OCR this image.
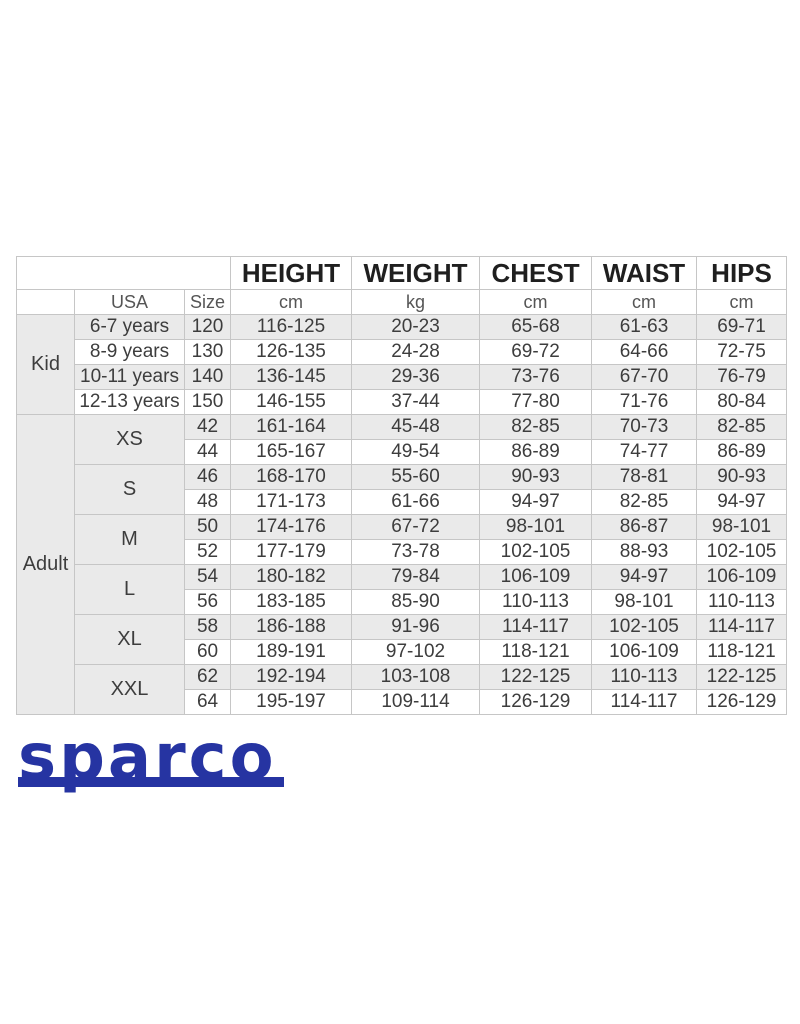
			HEIGHT	WEIGHT	CHEST	WAIST	HIPS
	USA	Size	cm	kg	cm	cm	cm
Kid	6-7 years	120	116-125	20-23	65-68	61-63	69-71
	8-9 years	130	126-135	24-28	69-72	64-66	72-75
	10-11 years	140	136-145	29-36	73-76	67-70	76-79
	12-13 years	150	146-155	37-44	77-80	71-76	80-84
Adult	XS	42	161-164	45-48	82-85	70-73	82-85
		44	165-167	49-54	86-89	74-77	86-89
	S	46	168-170	55-60	90-93	78-81	90-93
		48	171-173	61-66	94-97	82-85	94-97
	M	50	174-176	67-72	98-101	86-87	98-101
		52	177-179	73-78	102-105	88-93	102-105
	L	54	180-182	79-84	106-109	94-97	106-109
		56	183-185	85-90	110-113	98-101	110-113
	XL	58	186-188	91-96	114-117	102-105	114-117
		60	189-191	97-102	118-121	106-109	118-121
	XXL	62	192-194	103-108	122-125	110-113	122-125
		64	195-197	109-114	126-129	114-117	126-129
sparco
